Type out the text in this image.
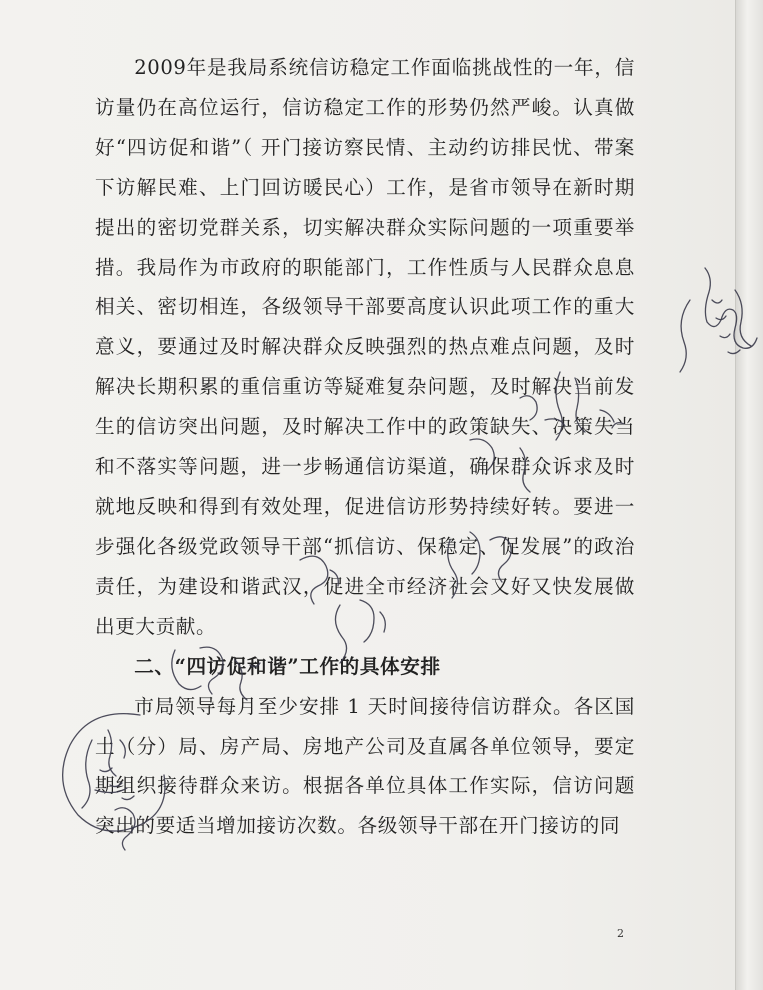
2009年是我局系统信访稳定工作面临挑战性的一年，信访量仍在高位运行，信访稳定工作的形势仍然严峻。认真做好“四访促和谐”（ 开门接访察民情、主动约访排民忧、带案下访解民难、上门回访暖民心）工作，是省市领导在新时期提出的密切党群关系，切实解决群众实际问题的一项重要举措。我局作为市政府的职能部门，工作性质与人民群众息息相关、密切相连，各级领导干部要高度认识此项工作的重大意义，要通过及时解决群众反映强烈的热点难点问题，及时解决长期积累的重信重访等疑难复杂问题，及时解决当前发生的信访突出问题，及时解决工作中的政策缺失、决策失当和不落实等问题，进一步畅通信访渠道，确保群众诉求及时就地反映和得到有效处理，促进信访形势持续好转。要进一步强化各级党政领导干部“抓信访、保稳定、促发展”的政治责任，为建设和谐武汉，促进全市经济社会又好又快发展做出更大贡献。

二、“四访促和谐”工作的具体安排

市局领导每月至少安排 1 天时间接待信访群众。各区国土（分）局、房产局、房地产公司及直属各单位领导，要定期组织接待群众来访。根据各单位具体工作实际，信访问题突出的要适当增加接访次数。各级领导干部在开门接访的同

2
